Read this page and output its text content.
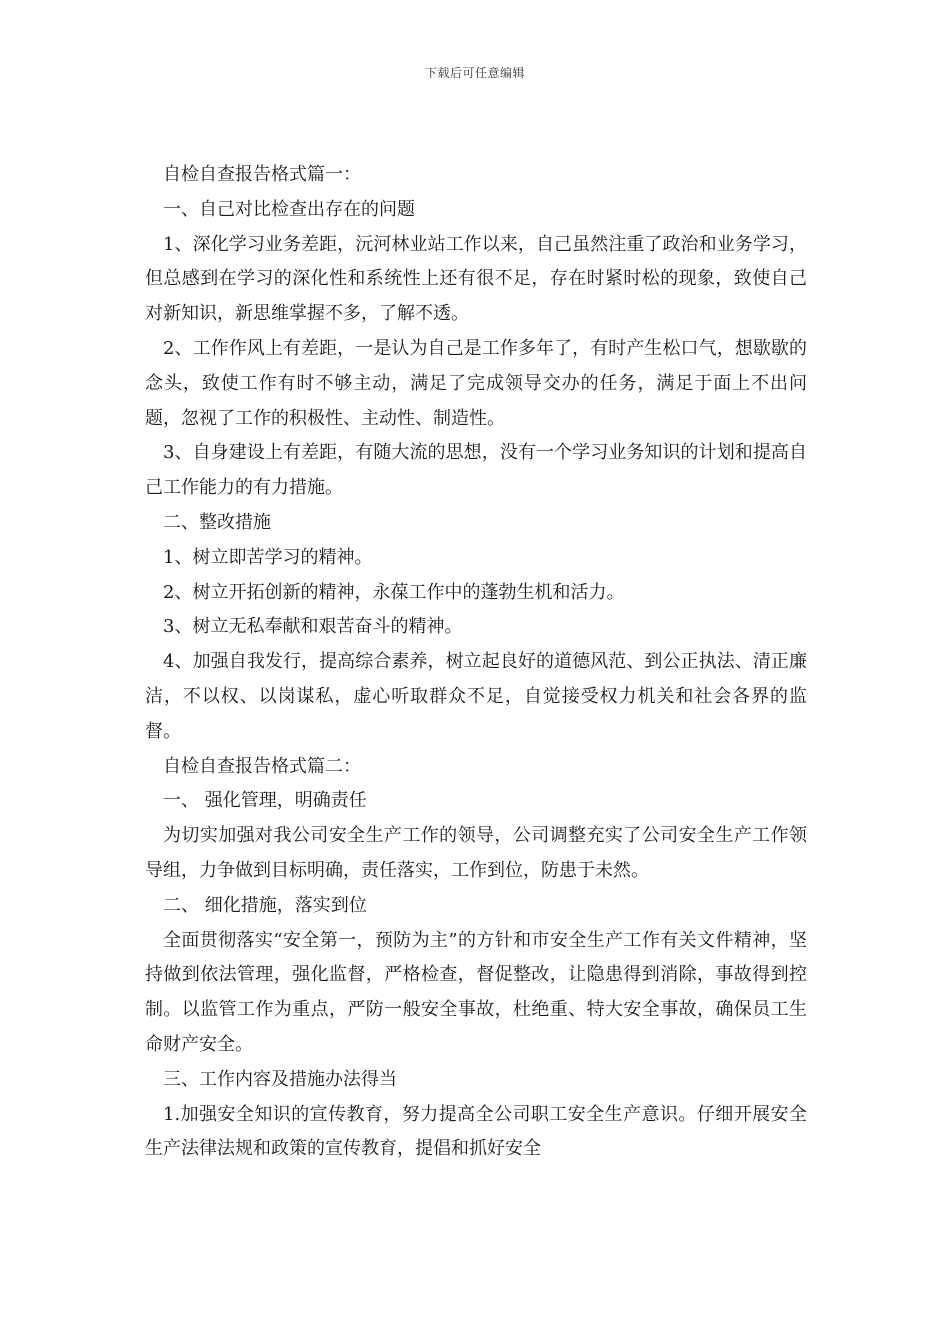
下载后可任意编辑

自检自查报告格式篇一：

一、自己对比检查出存在的问题

1、深化学习业务差距，沅河林业站工作以来，自己虽然注重了政治和业务学习，但总感到在学习的深化性和系统性上还有很不足，存在时紧时松的现象，致使自己对新知识，新思维掌握不多，了解不透。

2、工作作风上有差距，一是认为自己是工作多年了，有时产生松口气，想歇歇的念头，致使工作有时不够主动，满足了完成领导交办的任务，满足于面上不出问题，忽视了工作的积极性、主动性、制造性。

3、自身建设上有差距，有随大流的思想，没有一个学习业务知识的计划和提高自己工作能力的有力措施。

二、整改措施

1、树立即苦学习的精神。

2、树立开拓创新的精神，永葆工作中的蓬勃生机和活力。

3、树立无私奉献和艰苦奋斗的精神。

4、加强自我发行，提高综合素养，树立起良好的道德风范、到公正执法、清正廉洁，不以权、以岗谋私，虚心听取群众不足，自觉接受权力机关和社会各界的监督。

自检自查报告格式篇二：

一、 强化管理，明确责任

为切实加强对我公司安全生产工作的领导，公司调整充实了公司安全生产工作领导组，力争做到目标明确，责任落实，工作到位，防患于未然。

二、 细化措施，落实到位

全面贯彻落实“安全第一，预防为主”的方针和市安全生产工作有关文件精神，坚持做到依法管理，强化监督，严格检查，督促整改，让隐患得到消除，事故得到控制。以监管工作为重点，严防一般安全事故，杜绝重、特大安全事故，确保员工生命财产安全。

三、工作内容及措施办法得当

1.加强安全知识的宣传教育，努力提高全公司职工安全生产意识。仔细开展安全生产法律法规和政策的宣传教育，提倡和抓好安全
